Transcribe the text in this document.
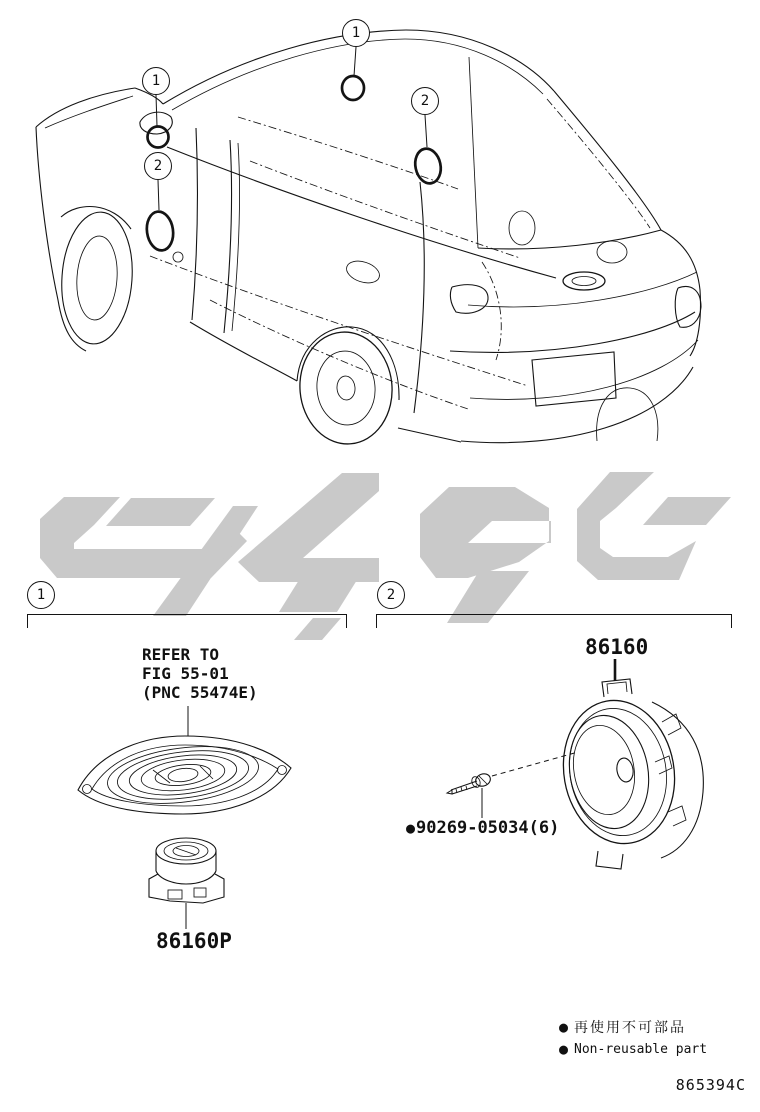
1
1
2
2
1	2
REFER TO
FIG 55-01
(PNC 55474E)
86160P
86160
● 90269-05034(6)
● 再使用不可部品
● Non-reusable part
865394C
